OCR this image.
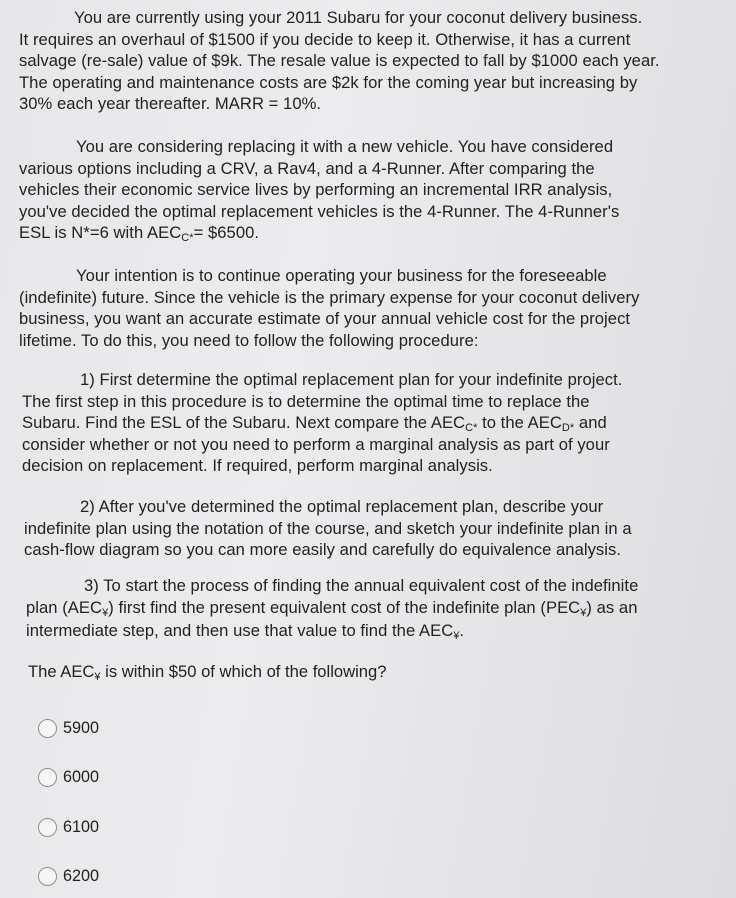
You are currently using your 2011 Subaru for your coconut delivery business.
It requires an overhaul of $1500 if you decide to keep it. Otherwise, it has a current
salvage (re-sale) value of $9k. The resale value is expected to fall by $1000 each year.
The operating and maintenance costs are $2k for the coming year but increasing by
30% each year thereafter. MARR = 10%.
You are considering replacing it with a new vehicle. You have considered
various options including a CRV, a Rav4, and a 4-Runner. After comparing the
vehicles their economic service lives by performing an incremental IRR analysis,
you've decided the optimal replacement vehicles is the 4-Runner. The 4-Runner's
ESL is N*=6 with $AEC_{C*}=$ $6500.
Your intention is to continue operating your business for the foreseeable
(indefinite) future. Since the vehicle is the primary expense for your coconut delivery
business, you want an accurate estimate of your annual vehicle cost for the project
lifetime. To do this, you need to follow the following procedure:
1) First determine the optimal replacement plan for your indefinite project.
The first step in this procedure is to determine the optimal time to replace the
Subaru. Find the ESL of the Subaru. Next compare the $AEC_{C*}$ to the $AEC_{D*}$ and
consider whether or not you need to perform a marginal analysis as part of your
decision on replacement. If required, perform marginal analysis.
2) After you've determined the optimal replacement plan, describe your
indefinite plan using the notation of the course, and sketch your indefinite plan in a
cash-flow diagram so you can more easily and carefully do equivalence analysis.
3) To start the process of finding the annual equivalent cost of the indefinite
plan $(AEC_¥)$ first find the present equivalent cost of the indefinite plan $(PEC_¥)$ as an
intermediate step, and then use that value to find the $AEC_¥$.
The $AEC_¥$ is within $50 of which of the following?
5900
6000
6100
6200
